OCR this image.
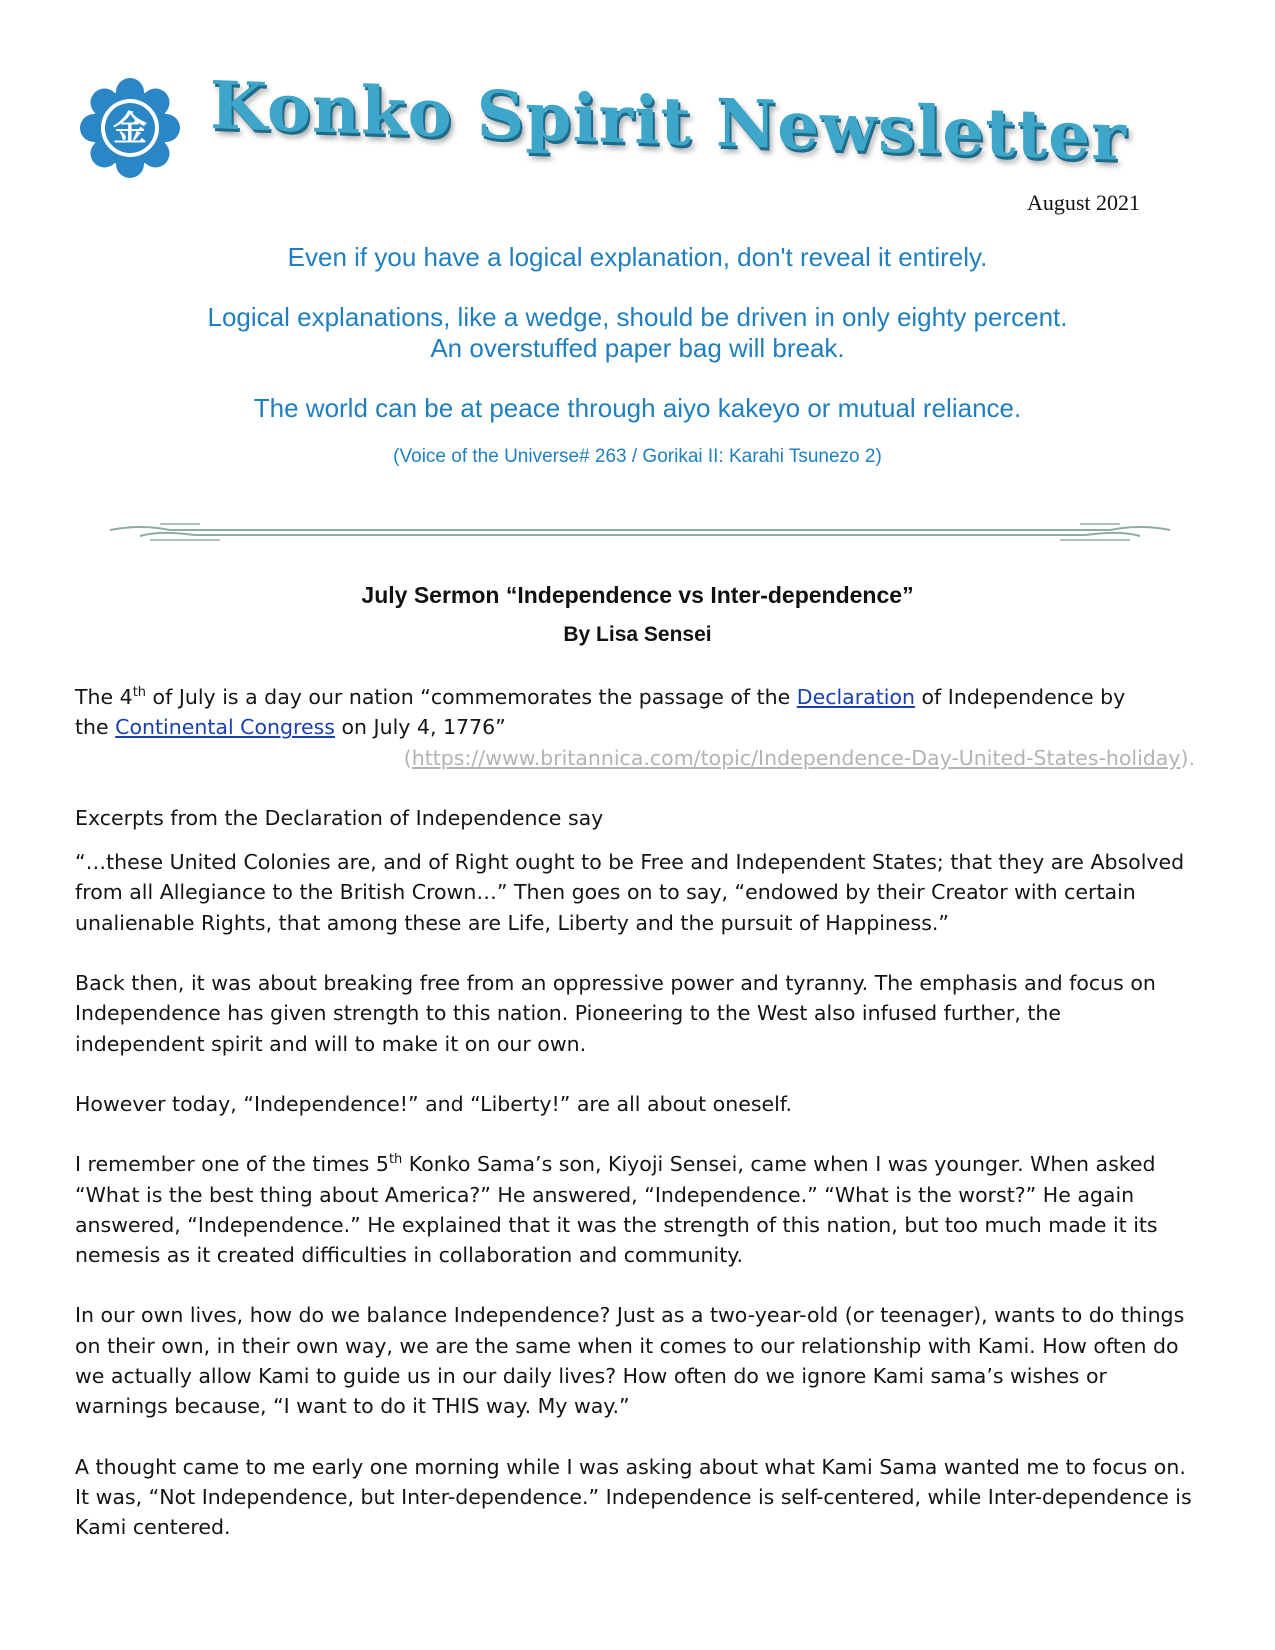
金 Konko Spirit Newsletter
August 2021

Even if you have a logical explanation, don't reveal it entirely.

Logical explanations, like a wedge, should be driven in only eighty percent.

An overstuffed paper bag will break.

The world can be at peace through aiyo kakeyo or mutual reliance.

(Voice of the Universe# 263 / Gorikai II: Karahi Tsunezo 2)
July Sermon “Independence vs Inter-dependence”
By Lisa Sensei

The 4th of July is a day our nation “commemorates the passage of the Declaration of Independence by
the Continental Congress on July 4, 1776”

(https://www.britannica.com/topic/Independence-Day-United-States-holiday).

Excerpts from the Declaration of Independence say

“…these United Colonies are, and of Right ought to be Free and Independent States; that they are Absolved from all Allegiance to the British Crown…” Then goes on to say, “endowed by their Creator with certain unalienable Rights, that among these are Life, Liberty and the pursuit of Happiness.”

Back then, it was about breaking free from an oppressive power and tyranny. The emphasis and focus on Independence has given strength to this nation. Pioneering to the West also infused further, the independent spirit and will to make it on our own.

However today, “Independence!” and “Liberty!” are all about oneself.

I remember one of the times 5th Konko Sama’s son, Kiyoji Sensei, came when I was younger. When asked “What is the best thing about America?” He answered, “Independence.” “What is the worst?” He again answered, “Independence.” He explained that it was the strength of this nation, but too much made it its nemesis as it created difficulties in collaboration and community.

In our own lives, how do we balance Independence? Just as a two-year-old (or teenager), wants to do things on their own, in their own way, we are the same when it comes to our relationship with Kami. How often do we actually allow Kami to guide us in our daily lives? How often do we ignore Kami sama’s wishes or warnings because, “I want to do it THIS way. My way.”

A thought came to me early one morning while I was asking about what Kami Sama wanted me to focus on. It was, “Not Independence, but Inter-dependence.” Independence is self-centered, while Inter-dependence is Kami centered.
